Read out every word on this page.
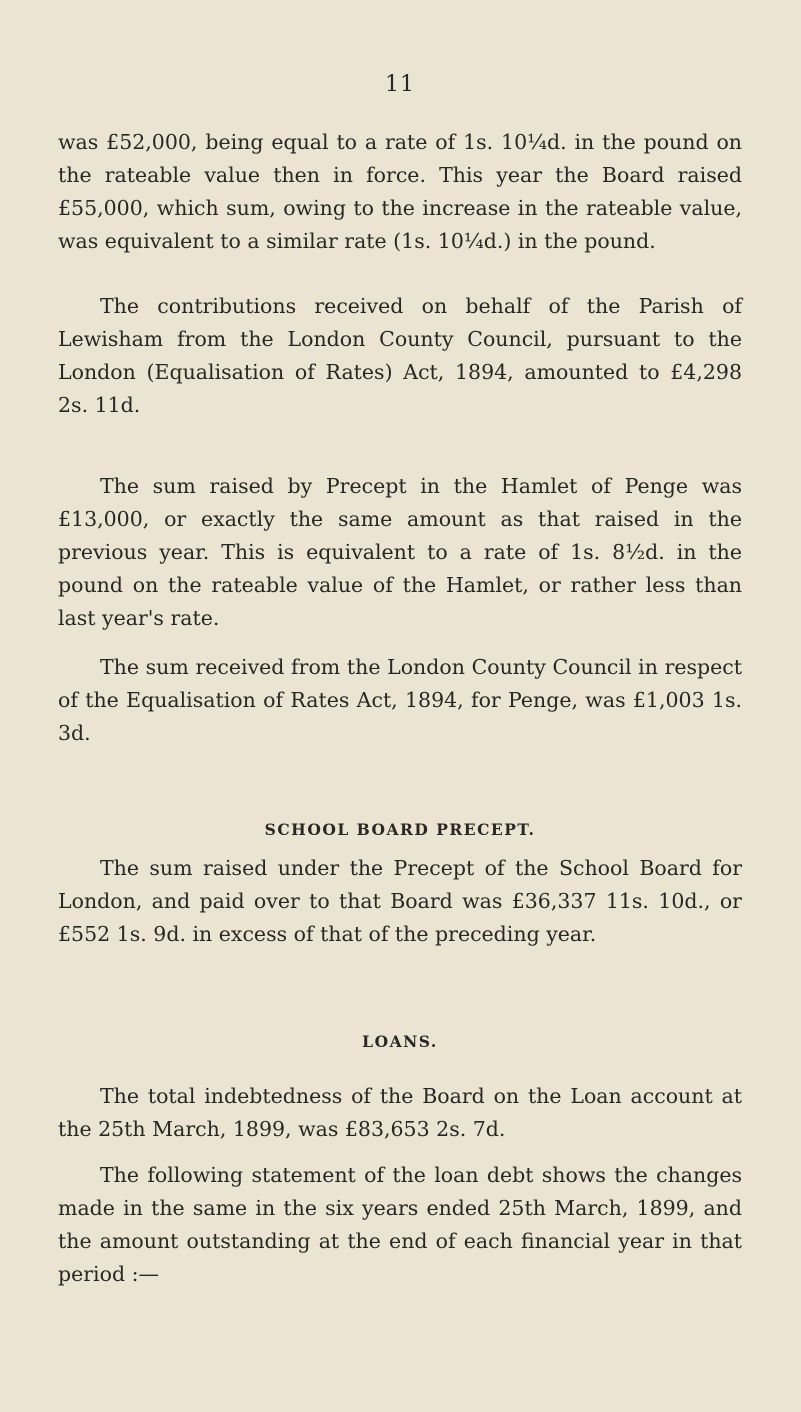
11

was £52,000, being equal to a rate of 1s. 10¼d. in the pound on the rateable value then in force. This year the Board raised £55,000, which sum, owing to the increase in the rateable value, was equivalent to a similar rate (1s. 10¼d.) in the pound.

The contributions received on behalf of the Parish of Lewisham from the London County Council, pursuant to the London (Equalisation of Rates) Act, 1894, amounted to £4,298 2s. 11d.

The sum raised by Precept in the Hamlet of Penge was £13,000, or exactly the same amount as that raised in the previous year. This is equivalent to a rate of 1s. 8½d. in the pound on the rateable value of the Hamlet, or rather less than last year's rate.

The sum received from the London County Council in respect of the Equalisation of Rates Act, 1894, for Penge, was £1,003 1s. 3d.

SCHOOL BOARD PRECEPT.

The sum raised under the Precept of the School Board for London, and paid over to that Board was £36,337 11s. 10d., or £552 1s. 9d. in excess of that of the preceding year.

LOANS.

The total indebtedness of the Board on the Loan account at the 25th March, 1899, was £83,653 2s. 7d.

The following statement of the loan debt shows the changes made in the same in the six years ended 25th March, 1899, and the amount outstanding at the end of each financial year in that period :—
